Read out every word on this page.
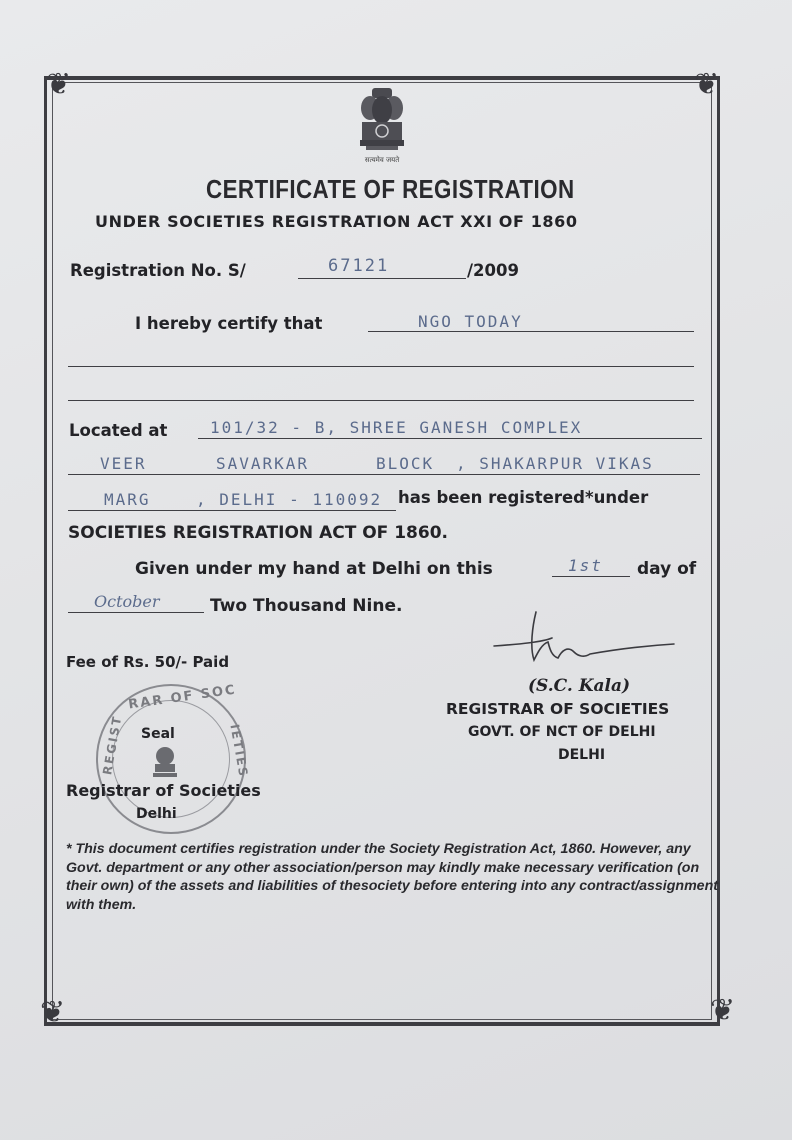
❦	❦
❦	❦
सत्यमेव जयते
CERTIFICATE OF REGISTRATION
UNDER SOCIETIES REGISTRATION ACT XXI OF 1860
Registration No. S/	67121	/2009
I hereby certify that	NGO TODAY
Located at	101/32 - B, SHREE GANESH COMPLEX
VEER	SAVARKAR	BLOCK , SHAKARPUR VIKAS
MARG	, DELHI - 110092 has been registered*under
SOCIETIES REGISTRATION ACT OF 1860.
Given under my hand at Delhi on this	1st day of
October	Two Thousand Nine.
Fee of Rs. 50/- Paid
(S.C. Kala)
REGISTRAR OF SOCIETIES
GOVT. OF NCT OF DELHI
DELHI
RAR OF SOC
REGIST	IETIES
Seal
Registrar of Societies
Delhi
* This document certifies registration under the Society Registration Act, 1860. However, any Govt. department or any other association/person may kindly make necessary verification (on their own) of the assets and liabilities of thesociety before entering into any contract/assignment with them.
